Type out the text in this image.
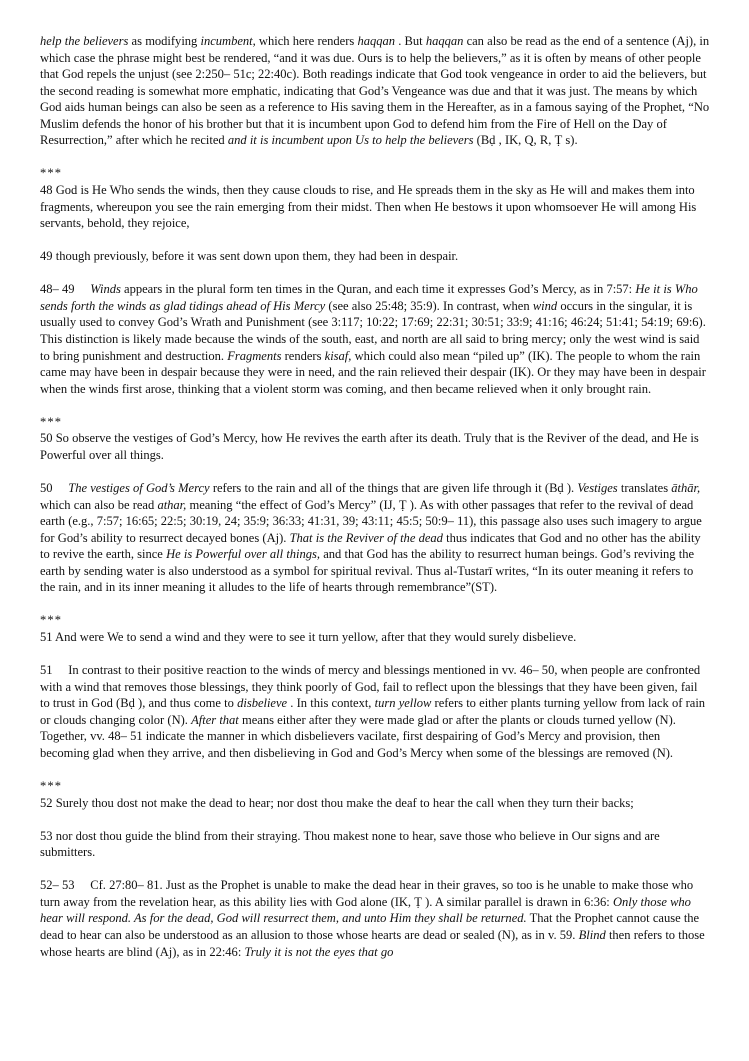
help the believers as modifying incumbent, which here renders haqqan . But haqqan can also be read as the end of a sentence (Aj), in which case the phrase might best be rendered, “and it was due. Ours is to help the believers,” as it is often by means of other people that God repels the unjust (see 2:250– 51c; 22:40c). Both readings indicate that God took vengeance in order to aid the believers, but the second reading is somewhat more emphatic, indicating that God’s Vengeance was due and that it was just. The means by which God aids human beings can also be seen as a reference to His saving them in the Hereafter, as in a famous saying of the Prophet, “No Muslim defends the honor of his brother but that it is incumbent upon God to defend him from the Fire of Hell on the Day of Resurrection,” after which he recited and it is incumbent upon Us to help the believers (Bḍ , IK, Q, R, Ṭ s).

***

48 God is He Who sends the winds, then they cause clouds to rise, and He spreads them in the sky as He will and makes them into fragments, whereupon you see the rain emerging from their midst. Then when He bestows it upon whomsoever He will among His servants, behold, they rejoice,

49 though previously, before it was sent down upon them, they had been in despair.

48– 49  Winds appears in the plural form ten times in the Quran, and each time it expresses God’s Mercy, as in 7:57: He it is Who sends forth the winds as glad tidings ahead of His Mercy (see also 25:48; 35:9). In contrast, when wind occurs in the singular, it is usually used to convey God’s Wrath and Punishment (see 3:117; 10:22; 17:69; 22:31; 30:51; 33:9; 41:16; 46:24; 51:41; 54:19; 69:6). This distinction is likely made because the winds of the south, east, and north are all said to bring mercy; only the west wind is said to bring punishment and destruction. Fragments renders kisaf, which could also mean “piled up” (IK). The people to whom the rain came may have been in despair because they were in need, and the rain relieved their despair (IK). Or they may have been in despair when the winds first arose, thinking that a violent storm was coming, and then became relieved when it only brought rain.

***

50 So observe the vestiges of God’s Mercy, how He revives the earth after its death. Truly that is the Reviver of the dead, and He is Powerful over all things.

50  The vestiges of God’s Mercy refers to the rain and all of the things that are given life through it (Bḍ ). Vestiges translates āthār, which can also be read athar, meaning “the effect of God’s Mercy” (IJ, Ṭ ). As with other passages that refer to the revival of dead earth (e.g., 7:57; 16:65; 22:5; 30:19, 24; 35:9; 36:33; 41:31, 39; 43:11; 45:5; 50:9– 11), this passage also uses such imagery to argue for God’s ability to resurrect decayed bones (Aj). That is the Reviver of the dead thus indicates that God and no other has the ability to revive the earth, since He is Powerful over all things, and that God has the ability to resurrect human beings. God’s reviving the earth by sending water is also understood as a symbol for spiritual revival. Thus al-Tustarī writes, “In its outer meaning it refers to the rain, and in its inner meaning it alludes to the life of hearts through remembrance”(ST).

***

51 And were We to send a wind and they were to see it turn yellow, after that they would surely disbelieve.

51  In contrast to their positive reaction to the winds of mercy and blessings mentioned in vv. 46– 50, when people are confronted with a wind that removes those blessings, they think poorly of God, fail to reflect upon the blessings that they have been given, fail to trust in God (Bḍ ), and thus come to disbelieve . In this context, turn yellow refers to either plants turning yellow from lack of rain or clouds changing color (N). After that means either after they were made glad or after the plants or clouds turned yellow (N). Together, vv. 48– 51 indicate the manner in which disbelievers vacilate, first despairing of God’s Mercy and provision, then becoming glad when they arrive, and then disbelieving in God and God’s Mercy when some of the blessings are removed (N).

***

52 Surely thou dost not make the dead to hear; nor dost thou make the deaf to hear the call when they turn their backs;

53 nor dost thou guide the blind from their straying. Thou makest none to hear, save those who believe in Our signs and are submitters.

52– 53  Cf. 27:80– 81. Just as the Prophet is unable to make the dead hear in their graves, so too is he unable to make those who turn away from the revelation hear, as this ability lies with God alone (IK, Ṭ ). A similar parallel is drawn in 6:36: Only those who hear will respond. As for the dead, God will resurrect them, and unto Him they shall be returned. That the Prophet cannot cause the dead to hear can also be understood as an allusion to those whose hearts are dead or sealed (N), as in v. 59. Blind then refers to those whose hearts are blind (Aj), as in 22:46: Truly it is not the eyes that go
